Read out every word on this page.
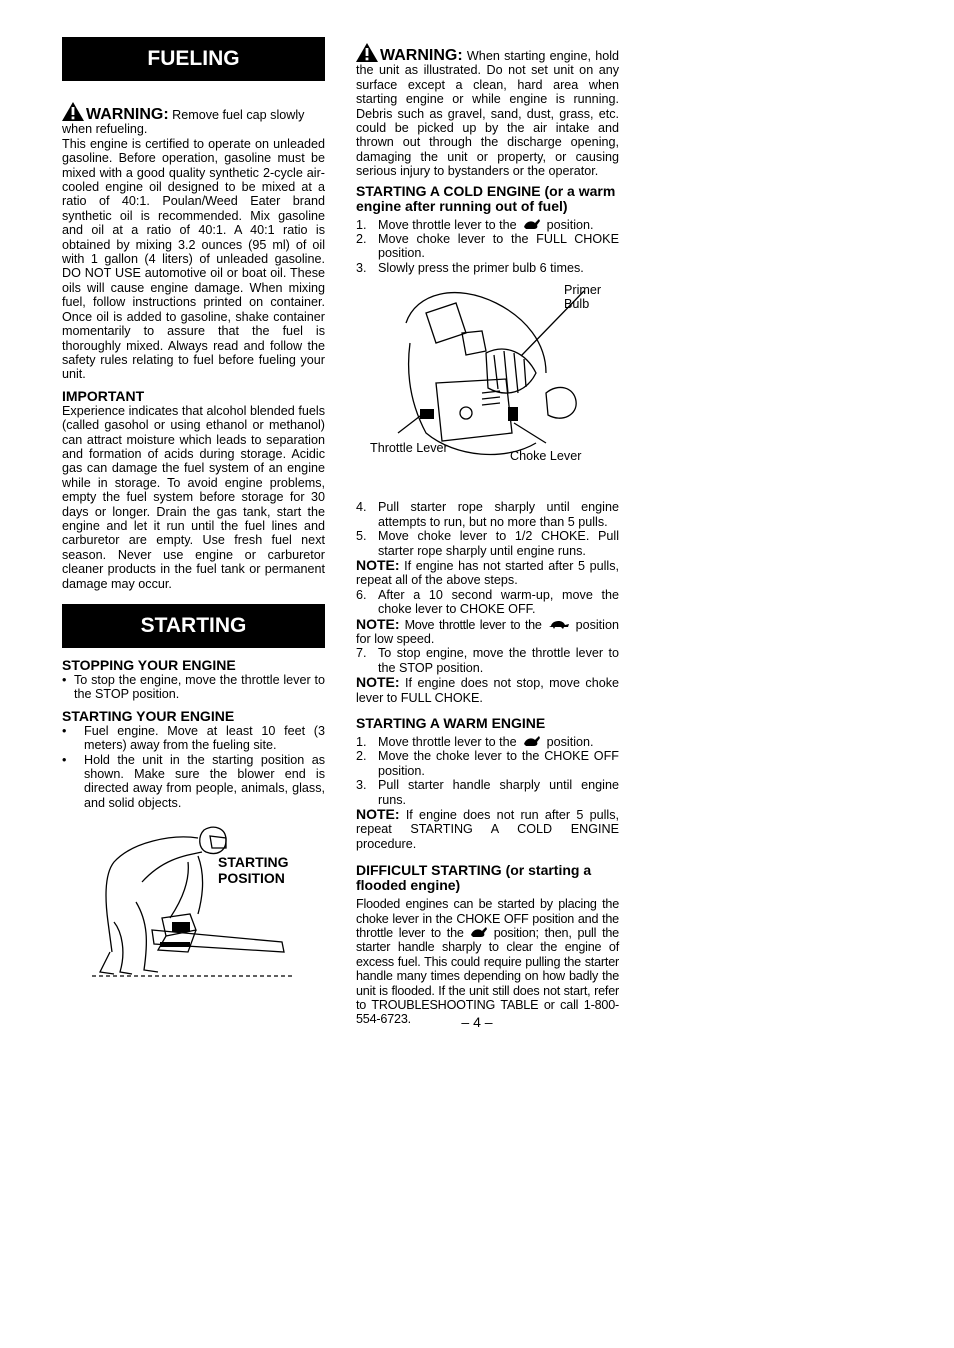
FUELING

WARNING: Remove fuel cap slowly when refueling.

This engine is certified to operate on unleaded gasoline. Before operation, gasoline must be mixed with a good quality synthetic 2-cycle air-cooled engine oil designed to be mixed at a ratio of 40:1. Poulan/Weed Eater brand synthetic oil is recommended. Mix gasoline and oil at a ratio of 40:1. A 40:1 ratio is obtained by mixing 3.2 ounces (95 ml) of oil with 1 gallon (4 liters) of unleaded gasoline. DO NOT USE automotive oil or boat oil. These oils will cause engine damage. When mixing fuel, follow instructions printed on container. Once oil is added to gasoline, shake container momentarily to assure that the fuel is thoroughly mixed. Always read and follow the safety rules relating to fuel before fueling your unit.

IMPORTANT

Experience indicates that alcohol blended fuels (called gasohol or using ethanol or methanol) can attract moisture which leads to separation and formation of acids during storage. Acidic gas can damage the fuel system of an engine while in storage. To avoid engine problems, empty the fuel system before storage for 30 days or longer. Drain the gas tank, start the engine and let it run until the fuel lines and carburetor are empty. Use fresh fuel next season. Never use engine or carburetor cleaner products in the fuel tank or permanent damage may occur.

STARTING
STOPPING YOUR ENGINE
• To stop the engine, move the throttle lever to the STOP position.
STARTING YOUR ENGINE
• Fuel engine. Move at least 10 feet (3 meters) away from the fueling site.
• Hold the unit in the starting position as shown. Make sure the blower end is directed away from people, animals, glass, and solid objects.
STARTING POSITION

WARNING: When starting engine, hold the unit as illustrated. Do not set unit on any surface except a clean, hard area when starting engine or while engine is running. Debris such as gravel, sand, dust, grass, etc. could be picked up by the air intake and thrown out through the discharge opening, damaging the unit or property, or causing serious injury to bystanders or the operator.

STARTING A COLD ENGINE (or a warm engine after running out of fuel)
1. Move throttle lever to the position.
2. Move choke lever to the FULL CHOKE position.
3. Slowly press the primer bulb 6 times.
Primer Bulb
Throttle Lever
Choke Lever
4. Pull starter rope sharply until engine attempts to run, but no more than 5 pulls.
5. Move choke lever to 1/2 CHOKE. Pull starter rope sharply until engine runs.

NOTE: If engine has not started after 5 pulls, repeat all of the above steps.

6. After a 10 second warm-up, move the choke lever to CHOKE OFF.

NOTE: Move throttle lever to the	position for low speed.

7. To stop engine, move the throttle lever to the STOP position.

NOTE: If engine does not stop, move choke lever to FULL CHOKE.

STARTING A WARM ENGINE
1. Move throttle lever to the position.
2. Move the choke lever to the CHOKE OFF position.
3. Pull starter handle sharply until engine runs.

NOTE: If engine does not run after 5 pulls, repeat STARTING A COLD ENGINE procedure.

DIFFICULT STARTING (or starting a flooded engine)

Flooded engines can be started by placing the choke lever in the CHOKE OFF position and the throttle lever to the position; then, pull the starter handle sharply to clear the engine of excess fuel. This could require pulling the starter handle many times depending on how badly the unit is flooded. If the unit still does not start, refer to TROUBLESHOOTING TABLE or call 1-800-554-6723.	– 4 –
